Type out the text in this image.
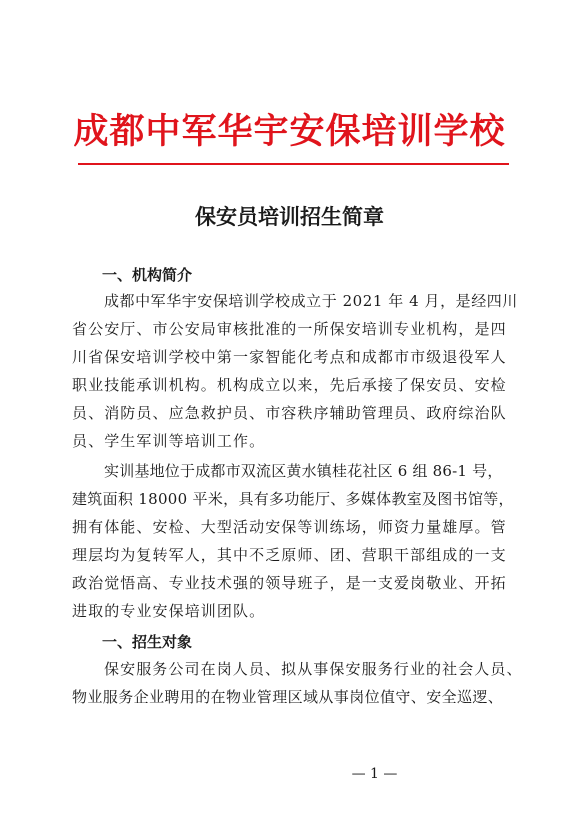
成都中军华宇安保培训学校
保安员培训招生简章
一、机构简介
成都中军华宇安保培训学校成立于 2021 年 4 月，是经四川
省公安厅、市公安局审核批准的一所保安培训专业机构，是四
川省保安培训学校中第一家智能化考点和成都市市级退役军人
职业技能承训机构。机构成立以来，先后承接了保安员、安检
员、消防员、应急救护员、市容秩序辅助管理员、政府综治队
员、学生军训等培训工作。
实训基地位于成都市双流区黄水镇桂花社区 6 组 86-1 号，
建筑面积 18000 平米，具有多功能厅、多媒体教室及图书馆等，
拥有体能、安检、大型活动安保等训练场，师资力量雄厚。管
理层均为复转军人，其中不乏原师、团、营职干部组成的一支
政治觉悟高、专业技术强的领导班子，是一支爱岗敬业、开拓
进取的专业安保培训团队。
一、招生对象
保安服务公司在岗人员、拟从事保安服务行业的社会人员、
物业服务企业聘用的在物业管理区域从事岗位值守、安全巡逻、
— 1 —
